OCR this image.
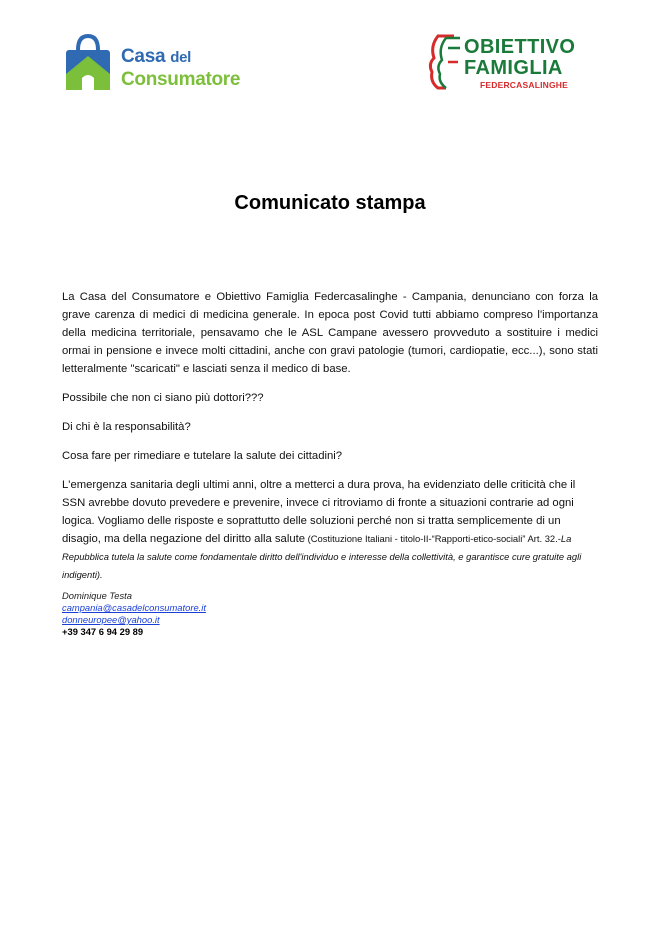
Casa del
Consumatore
OBIETTIVO
FAMIGLIA
FEDERCASALINGHE
Comunicato stampa

La Casa del Consumatore e Obiettivo Famiglia Federcasalinghe - Campania, denunciano con forza la grave carenza di medici di medicina generale. In epoca post Covid tutti abbiamo compreso l'importanza della medicina territoriale, pensavamo che le ASL Campane avessero provveduto a sostituire i medici ormai in pensione e invece molti cittadini, anche con gravi patologie (tumori, cardiopatie, ecc...), sono stati letteralmente "scaricati" e lasciati senza il medico di base.

Possibile che non ci siano più dottori???

Di chi è la responsabilità?

Cosa fare per rimediare e tutelare la salute dei cittadini?

L'emergenza sanitaria degli ultimi anni, oltre a metterci a dura prova, ha evidenziato delle criticità che il SSN avrebbe dovuto prevedere e prevenire, invece ci ritroviamo di fronte a situazioni contrarie ad ogni logica. Vogliamo delle risposte e soprattutto delle soluzioni perché non si tratta semplicemente di un disagio, ma della negazione del diritto alla salute (Costituzione Italiani - titolo-II-“Rapporti-etico-sociali” Art. 32.-La Repubblica tutela la salute come fondamentale diritto dell'individuo e interesse della collettività, e garantisce cure gratuite agli indigenti).

Dominique Testa
campania@casadelconsumatore.it
donneuropee@yahoo.it
+39 347 6 94 29 89
